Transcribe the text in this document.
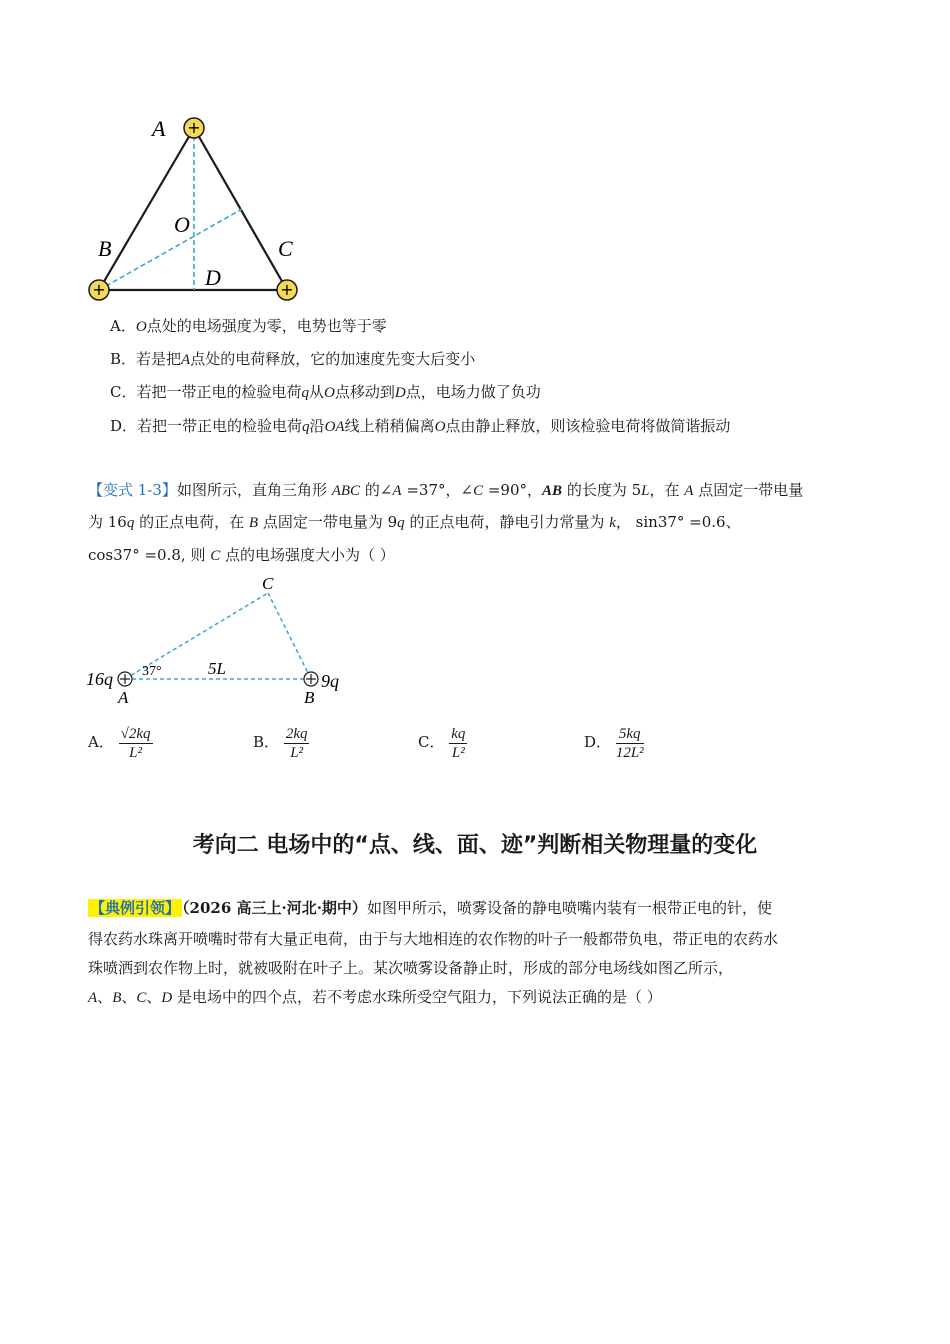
+
+	+
A
B	C
O
D
A．O点处的电场强度为零，电势也等于零
B．若是把A点处的电荷释放，它的加速度先变大后变小
C．若把一带正电的检验电荷q从O点移动到D点，电场力做了负功
D．若把一带正电的检验电荷q沿OA线上稍稍偏离O点由静止释放，则该检验电荷将做简谐振动
【变式 1-3】如图所示，直角三角形 ABC 的∠A =37°，∠C =90°，AB 的长度为 5L，在 A 点固定一带电量
为 16q 的正点电荷，在 B 点固定一带电量为 9q 的正点电荷，静电引力常量为 k， sin37° =0.6、
cos37° =0.8, 则 C 点的电场强度大小为（ ）
C
A	B
16q	9q
37°	5L
A． $\frac{√2kq}{\text{L²}}$	B． $\frac{2kq}{\text{L²}}$	C． $\frac{kq}{\text{L²}}$	D． $\frac{5kq}{\text{12L²}}$
考向二 电场中的“点、线、面、迹”判断相关物理量的变化
【典例引领】 （2026 高三上·河北·期中）如图甲所示，喷雾设备的静电喷嘴内装有一根带正电的针，使
得农药水珠离开喷嘴时带有大量正电荷，由于与大地相连的农作物的叶子一般都带负电，带正电的农药水
珠喷洒到农作物上时，就被吸附在叶子上。某次喷雾设备静止时，形成的部分电场线如图乙所示，
A、B、C、D 是电场中的四个点，若不考虑水珠所受空气阻力，下列说法正确的是（ ）
